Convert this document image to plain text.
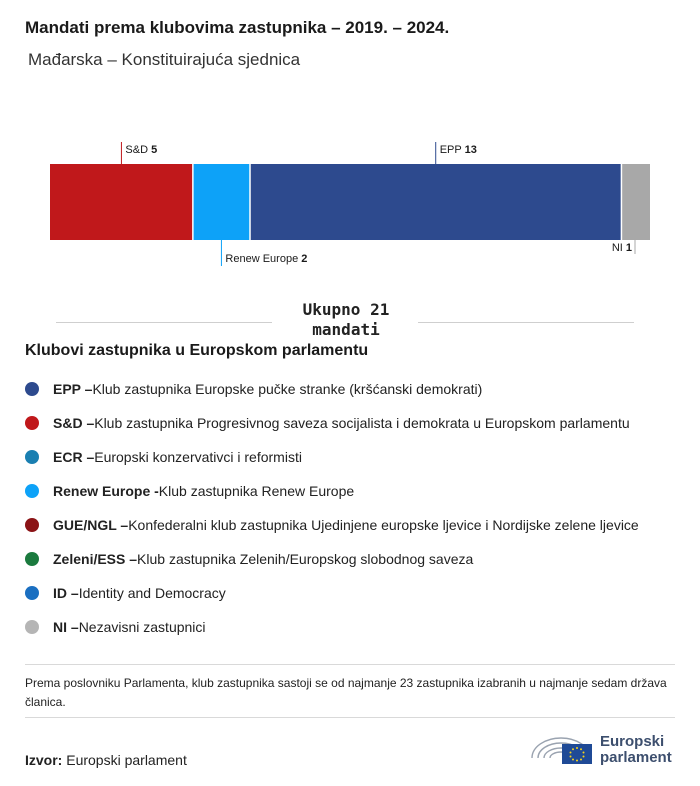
Mandati prema klubovima zastupnika – 2019. – 2024.
Mađarska – Konstituirajuća sjednica
S&D 5
Renew Europe 2
EPP 13
NI 1
Ukupno 21
mandati
Klubovi zastupnika u Europskom parlamentu
EPP – Klub zastupnika Europske pučke stranke (kršćanski demokrati)
S&D – Klub zastupnika Progresivnog saveza socijalista i demokrata u Europskom parlamentu
ECR – Europski konzervativci i reformisti
Renew Europe - Klub zastupnika Renew Europe
GUE/NGL – Konfederalni klub zastupnika Ujedinjene europske ljevice i Nordijske zelene ljevice
Zeleni/ESS – Klub zastupnika Zelenih/Europskog slobodnog saveza
ID – Identity and Democracy
NI – Nezavisni zastupnici
Prema poslovniku Parlamenta, klub zastupnika sastoji se od najmanje 23 zastupnika izabranih u najmanje sedam država članica.
Izvor: Europski parlament
Europski
parlament
